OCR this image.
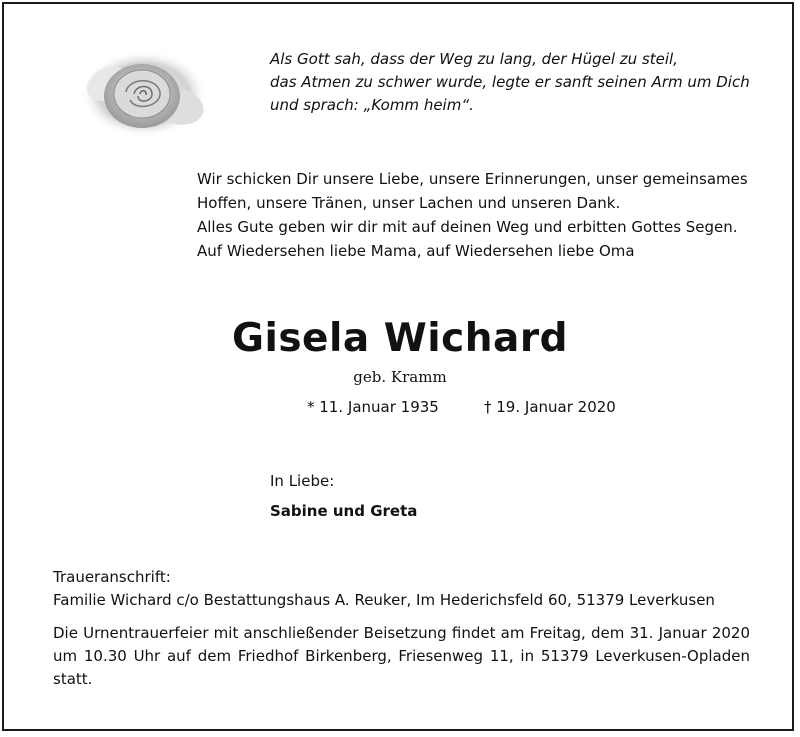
Als Gott sah, dass der Weg zu lang, der Hügel zu steil,
das Atmen zu schwer wurde, legte er sanft seinen Arm um Dich
und sprach: „Komm heim“.
Wir schicken Dir unsere Liebe, unsere Erinnerungen, unser gemeinsames
Hoffen, unsere Tränen, unser Lachen und unseren Dank.
Alles Gute geben wir dir mit auf deinen Weg und erbitten Gottes Segen.
Auf Wiedersehen liebe Mama, auf Wiedersehen liebe Oma
Gisela Wichard
geb. Kramm
* 11. Januar 1935	† 19. Januar 2020
In Liebe:
Sabine und Greta
Traueranschrift:
Familie Wichard c/o Bestattungshaus A. Reuker, Im Hederichsfeld 60, 51379 Leverkusen
Die Urnentrauerfeier mit anschließender Beisetzung findet am Freitag, dem 31. Januar 2020
um 10.30 Uhr auf dem Friedhof Birkenberg, Friesenweg 11, in 51379 Leverkusen-Opladen
statt.
